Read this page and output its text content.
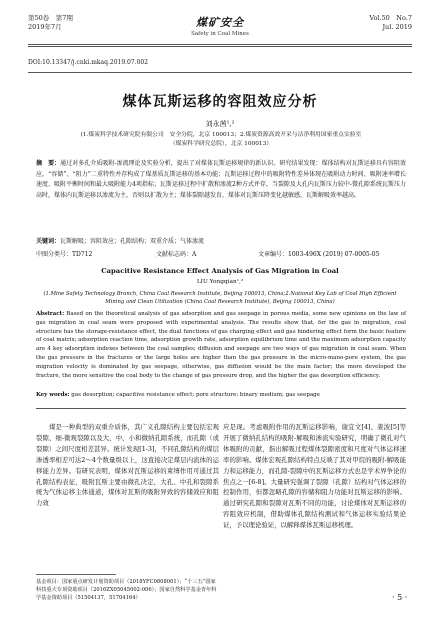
第50卷　第7期
2019年7月	煤矿安全
Safety in Coal Mines
Vol.50　No.7
Jul. 2019
DOI:10.13347/j.cnki.mkaq.2019.07.002
煤体瓦斯运移的容阻效应分析
刘永茜¹,²
(1.煤炭科学技术研究院有限公司　安全分院，北京 100013；2.煤炭资源高效开采与洁净利用国家重点实验室
（煤炭科学研究总院），北京 100013）
摘　要：通过对多孔介质吸附-渗流理论及实验分析，提出了对煤体瓦斯运移规律的新认识。研究结果发现：煤体结构对瓦斯运移具有容阻效应，“容储”、“阻力”二重特性并存构成了煤基质瓦斯运移的基本功能；瓦斯运移过程中的吸附特性差异体现在吸附动力时间、吸附速率增长速度、吸附平衡时间和最大吸附能力4项指标；瓦斯运移过程中扩散和渗流2种方式并存，当裂隙及大孔内瓦斯压力较中-微孔隙系统瓦斯压力高时，煤体内瓦斯运移以渗流为主，否则以扩散为主；煤体裂隙越发育，煤体对瓦斯压降变化越敏感，瓦斯解吸效率越高。
关键词：瓦斯解吸；容阻效应；孔隙结构；双重介质；气体渗流
中图分类号：TD712	文献标志码：A	文章编号：1003-496X (2019) 07-0005-05
Capacitive Resistance Effect Analysis of Gas Migration in Coal
LIU Yongqian¹,²
(1.Mine Safety Technology Branch, China Coal Research Institute, Beijing 100013, China;2.National Key Lab of Coal High Efficient Mining and Clean Utilization (China Coal Research Institute), Beijing 100013, China)
Abstract: Based on the theoretical analysis of gas adsorption and gas seepage in porous media, some new opinions on the law of gas migration in coal seam were proposed with experimental analysis. The results show that, for the gas in migration, coal structure has the storage-resistance effect, the dual functions of gas charging effect and gas hindering effect form the basic feature of coal matrix; adsorption reaction time, adsorption growth rate, adsorption equilibrium time and the maximum adsorption capacity are 4 key adsorption indexes between the coal samples; diffusion and seepage are two ways of gas migration in coal seam. When the gas pressure in the fractures or the large holes are higher than the gas pressure in the micro-mano-pore system, the gas migration velocity is dominated by gas seepage, otherwise, gas diffusion would be the main factor; the more developed the fracture, the more sensitive the coal body to the change of gas pressure drop, and the higher the gas desorption efficiency.
Key words: gas desorption; capacitive resistance effect; pore structure; binary medium; gas seepage

煤是一种典型的双重介质体，其广义孔隙结构主要包括宏观裂隙、细-微观裂隙以及大、中、小和微纳孔隙系统，而孔隙（或裂隙）之间尺度相差甚异。统计发现[1-3]，不同孔隙结构的煤层渗透率相差可达2～4个数量级以上，这直接决定煤层内流体的运移能力差异。有研究表明，煤体对瓦斯运移的束缚作用可通过其孔隙结构表征，吸附瓦斯主要由微孔决定，大孔、中孔和裂隙系统为气体运移主体通道，煤体对瓦斯的吸附异致的容储效应和阻力效

应是现。考虑吸附作用的瓦斯运移影响，谢宜文[4]、姜波[5]等开展了微纳孔结构的吸附-解吸和渗流实验研究，明确了微孔对气体吸附的贡献，指出解吸过程煤体裂隙密度和尺度对气体运移速率的影响。煤体宏观孔隙结构特点反映了其对甲烷的吸附-解吸能力和运移能力，而孔隙-裂隙中的瓦斯运移方式也是学术界争论的焦点之一[6-8]。大量研究强调了裂隙（孔隙）结构对气体运移的控制作用，但都忽略孔隙的容储和阻力功能对瓦斯运移的影响。通过研究孔隙和裂隙对瓦斯不同的功能，讨论煤体对瓦斯运移的容阻效应机制，借助煤体孔隙结构测试和气体运移实验结果论证，予以理论验证，以解释煤体瓦斯运移机理。

基金项目：国家重点研发计划资助项目（2018YFC0808001）；“十三五”国家科技重大专项资助项目（2016ZX05045002-006）；国家自然科学基金青年科学基金资助项目（51504137，51704164）	· 5 ·
